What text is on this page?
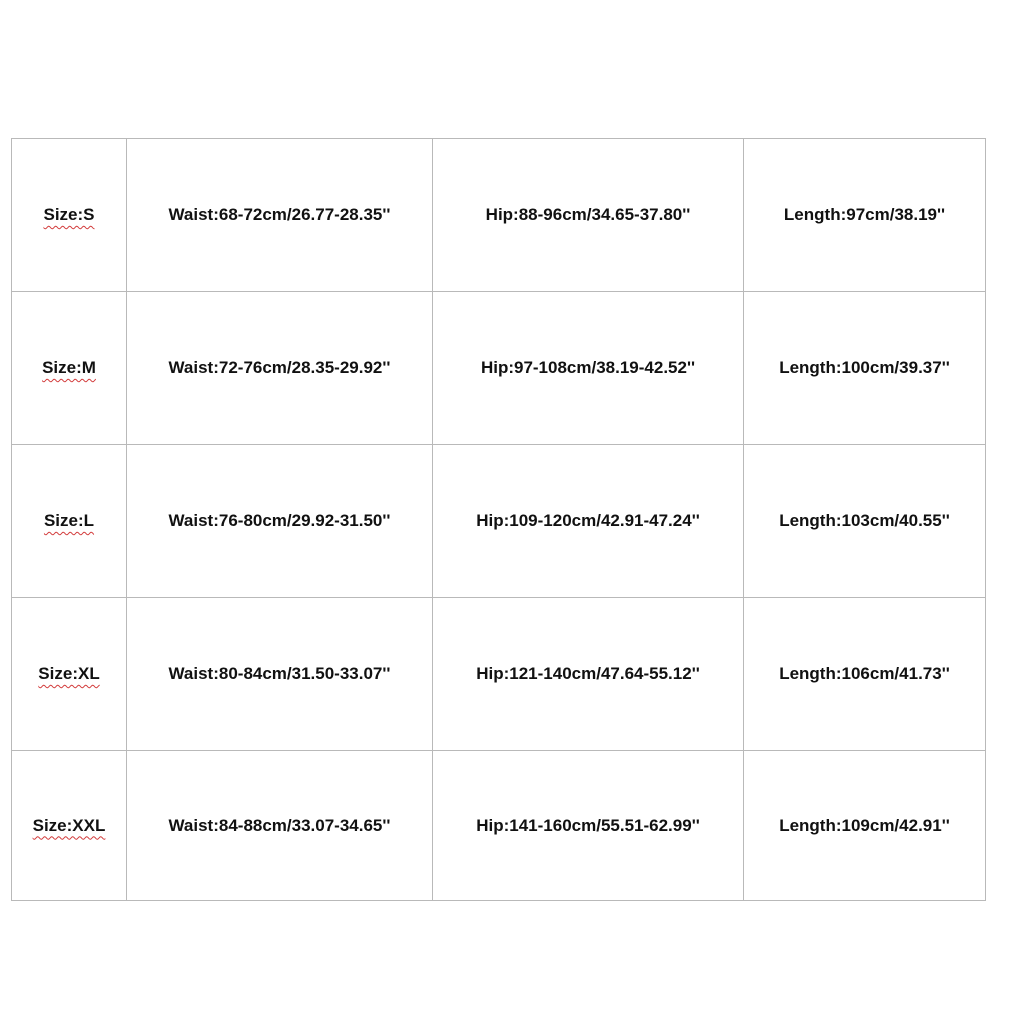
Size:S	Waist:68-72cm/26.77-28.35''	Hip:88-96cm/34.65-37.80''	Length:97cm/38.19''
Size:M	Waist:72-76cm/28.35-29.92''	Hip:97-108cm/38.19-42.52''	Length:100cm/39.37''
Size:L	Waist:76-80cm/29.92-31.50''	Hip:109-120cm/42.91-47.24''	Length:103cm/40.55''
Size:XL	Waist:80-84cm/31.50-33.07''	Hip:121-140cm/47.64-55.12''	Length:106cm/41.73''
Size:XXL	Waist:84-88cm/33.07-34.65''	Hip:141-160cm/55.51-62.99''	Length:109cm/42.91''
